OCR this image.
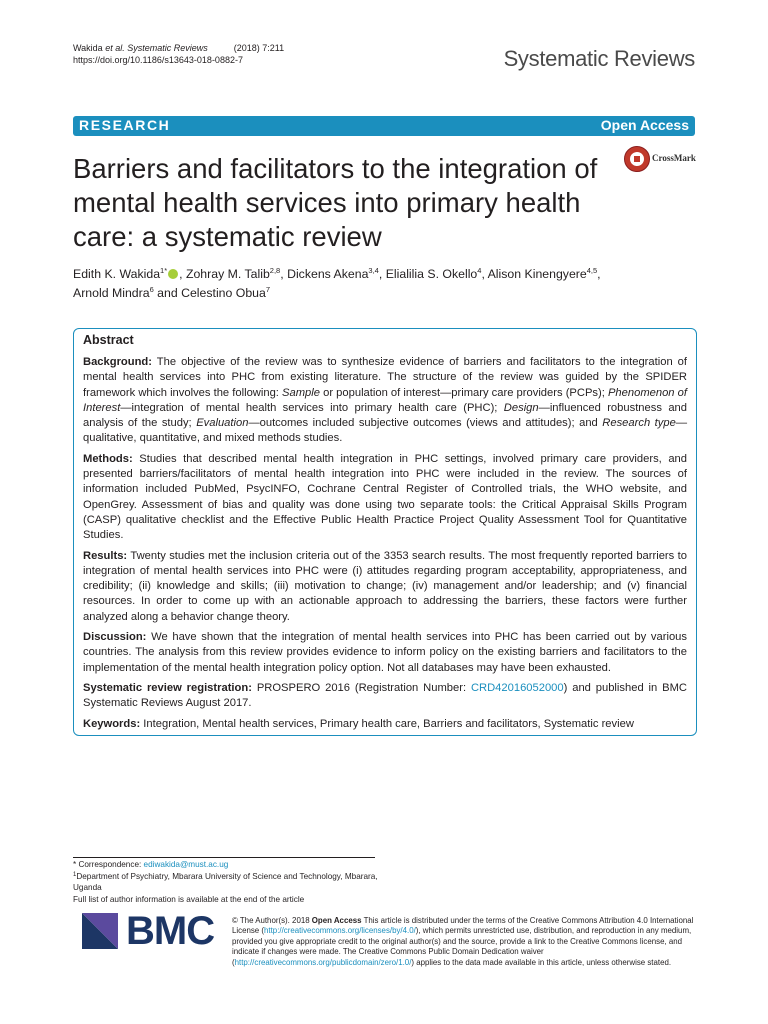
Wakida et al. Systematic Reviews	(2018) 7:211
https://doi.org/10.1186/s13643-018-0882-7	Systematic Reviews
RESEARCH	Open Access
Barriers and facilitators to the integration of mental health services into primary health care: a systematic review
CrossMark
Edith K. Wakida$^{1*}$ , Zohray M. Talib$^{2,8}$, Dickens Akena$^{3,4}$, Elialilia S. Okello$^4$, Alison Kinengyere$^{4,5}$,
Arnold Mindra$^6$ and Celestino Obua$^7$
Abstract

Background: The objective of the review was to synthesize evidence of barriers and facilitators to the integration of mental health services into PHC from existing literature. The structure of the review was guided by the SPIDER framework which involves the following: Sample or population of interest—primary care providers (PCPs); Phenomenon of Interest—integration of mental health services into primary health care (PHC); Design—influenced robustness and analysis of the study; Evaluation—outcomes included subjective outcomes (views and attitudes); and Research type—qualitative, quantitative, and mixed methods studies.

Methods: Studies that described mental health integration in PHC settings, involved primary care providers, and presented barriers/facilitators of mental health integration into PHC were included in the review. The sources of information included PubMed, PsycINFO, Cochrane Central Register of Controlled trials, the WHO website, and OpenGrey. Assessment of bias and quality was done using two separate tools: the Critical Appraisal Skills Program (CASP) qualitative checklist and the Effective Public Health Practice Project Quality Assessment Tool for Quantitative Studies.

Results: Twenty studies met the inclusion criteria out of the 3353 search results. The most frequently reported barriers to integration of mental health services into PHC were (i) attitudes regarding program acceptability, appropriateness, and credibility; (ii) knowledge and skills; (iii) motivation to change; (iv) management and/or leadership; and (v) financial resources. In order to come up with an actionable approach to addressing the barriers, these factors were further analyzed along a behavior change theory.

Discussion: We have shown that the integration of mental health services into PHC has been carried out by various countries. The analysis from this review provides evidence to inform policy on the existing barriers and facilitators to the implementation of the mental health integration policy option. Not all databases may have been exhausted.

Systematic review registration: PROSPERO 2016 (Registration Number: CRD42016052000) and published in BMC Systematic Reviews August 2017.

Keywords: Integration, Mental health services, Primary health care, Barriers and facilitators, Systematic review

* Correspondence: ediwakida@must.ac.ug
$^1$Department of Psychiatry, Mbarara University of Science and Technology, Mbarara, Uganda
Full list of author information is available at the end of the article
BMC © The Author(s). 2018 Open Access This article is distributed under the terms of the Creative Commons Attribution 4.0 International License (http://creativecommons.org/licenses/by/4.0/), which permits unrestricted use, distribution, and reproduction in any medium, provided you give appropriate credit to the original author(s) and the source, provide a link to the Creative Commons license, and indicate if changes were made. The Creative Commons Public Domain Dedication waiver (http://creativecommons.org/publicdomain/zero/1.0/) applies to the data made available in this article, unless otherwise stated.
